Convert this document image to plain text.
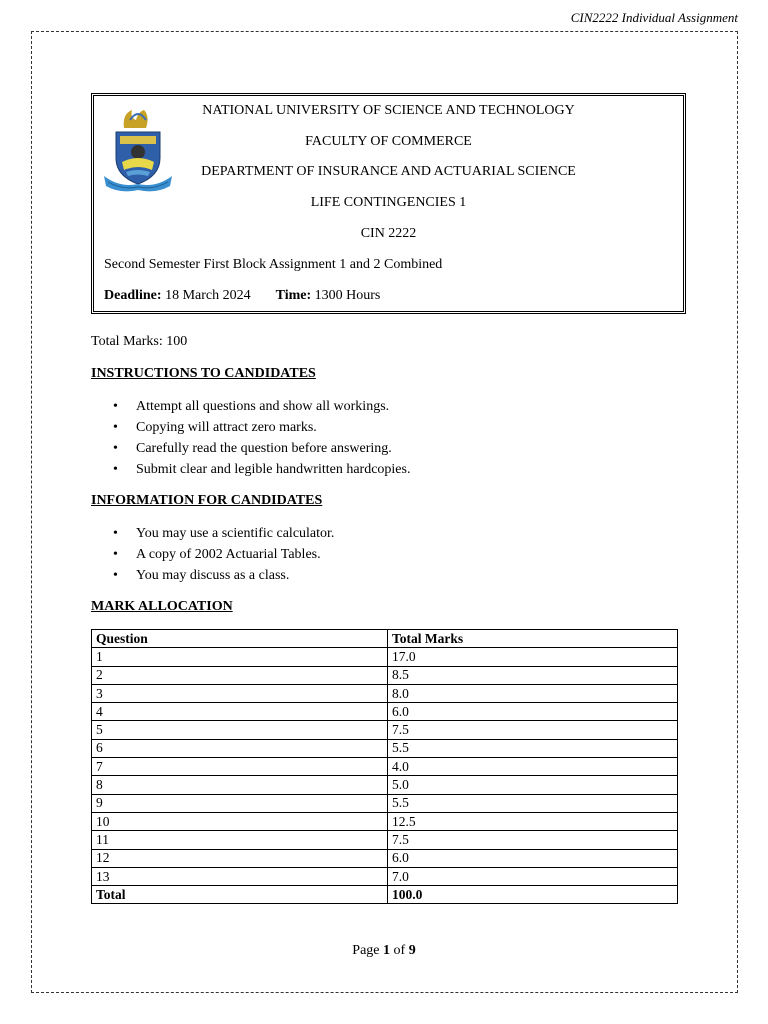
CIN2222 Individual Assignment
NATIONAL UNIVERSITY OF SCIENCE AND TECHNOLOGY
FACULTY OF COMMERCE
DEPARTMENT OF INSURANCE AND ACTUARIAL SCIENCE
LIFE CONTINGENCIES 1
CIN 2222
Second Semester First Block Assignment 1 and 2 Combined
Deadline: 18 March 2024 Time: 1300 Hours
Total Marks: 100
INSTRUCTIONS TO CANDIDATES
• Attempt all questions and show all workings.
• Copying will attract zero marks.
• Carefully read the question before answering.
• Submit clear and legible handwritten hardcopies.
INFORMATION FOR CANDIDATES
• You may use a scientific calculator.
• A copy of 2002 Actuarial Tables.
• You may discuss as a class.
MARK ALLOCATION
Question	Total Marks
1	17.0
2	8.5
3	8.0
4	6.0
5	7.5
6	5.5
7	4.0
8	5.0
9	5.5
10	12.5
11	7.5
12	6.0
13	7.0
Total	100.0
Page 1 of 9
